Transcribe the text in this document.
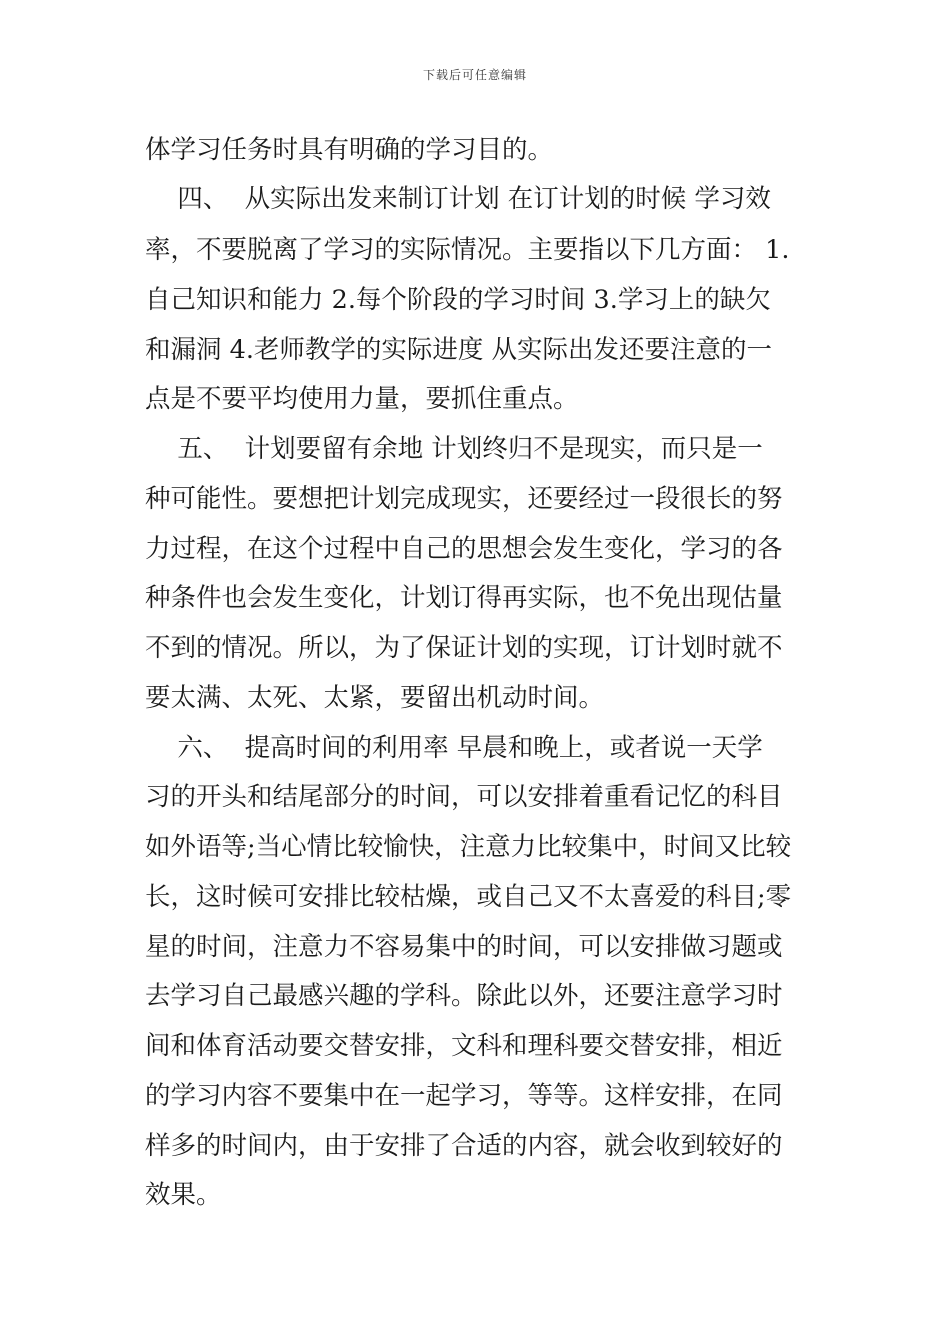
下载后可任意编辑
体学习任务时具有明确的学习目的。
四、  从实际出发来制订计划 在订计划的时候 学习效
率，不要脱离了学习的实际情况。主要指以下几方面： 1.
自己知识和能力 2.每个阶段的学习时间 3.学习上的缺欠
和漏洞 4.老师教学的实际进度 从实际出发还要注意的一
点是不要平均使用力量，要抓住重点。
五、  计划要留有余地 计划终归不是现实，而只是一
种可能性。要想把计划完成现实，还要经过一段很长的努
力过程，在这个过程中自己的思想会发生变化，学习的各
种条件也会发生变化，计划订得再实际，也不免出现估量
不到的情况。所以，为了保证计划的实现，订计划时就不
要太满、太死、太紧，要留出机动时间。
六、  提高时间的利用率 早晨和晚上，或者说一天学
习的开头和结尾部分的时间，可以安排着重看记忆的科目
如外语等;当心情比较愉快，注意力比较集中，时间又比较
长，这时候可安排比较枯燥，或自己又不太喜爱的科目;零
星的时间，注意力不容易集中的时间，可以安排做习题或
去学习自己最感兴趣的学科。除此以外，还要注意学习时
间和体育活动要交替安排，文科和理科要交替安排，相近
的学习内容不要集中在一起学习，等等。这样安排，在同
样多的时间内，由于安排了合适的内容，就会收到较好的
效果。
